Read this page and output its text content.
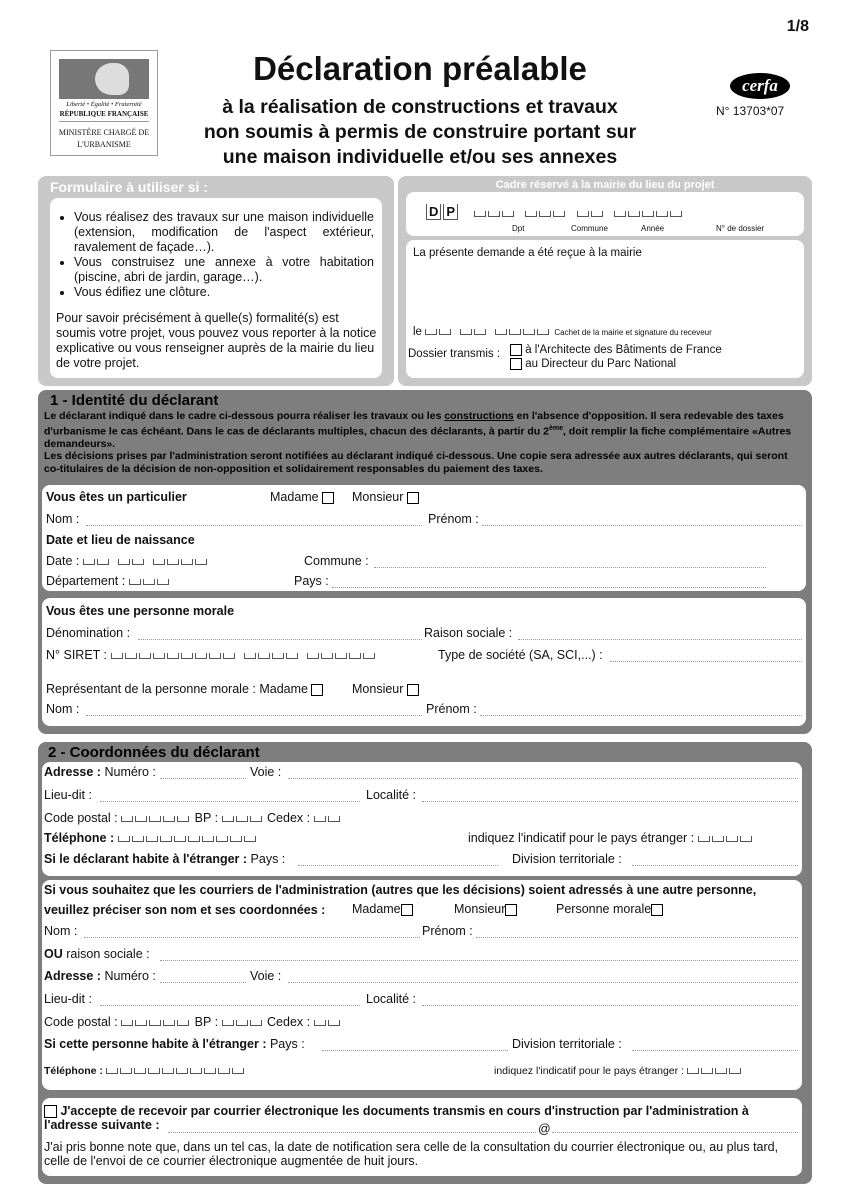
1/8
Liberté • Égalité • Fraternité
RÉPUBLIQUE FRANÇAISE
MINISTÈRE CHARGÉ DE L'URBANISME
Déclaration préalable
à la réalisation de constructions et travaux
non soumis à permis de construire portant sur
une maison individuelle et/ou ses annexes
cerfa
N° 13703*07
Formulaire à utiliser si :
• Vous réalisez des travaux sur une maison individuelle (extension, modification de l'aspect extérieur, ravalement de façade…).
• Vous construisez une annexe à votre habitation (piscine, abri de jardin, garage…).
• Vous édifiez une clôture.
Pour savoir précisément à quelle(s) formalité(s) est soumis votre projet, vous pouvez vous reporter à la notice explicative ou vous renseigner auprès de la mairie du lieu de votre projet.
Cadre réservé à la mairie du lieu du projet
D P
Dpt	Commune	Année	N° de dossier
La présente demande a été reçue à la mairie
le	Cachet de la mairie et signature du receveur
Dossier transmis :	à l'Architecte des Bâtiments de France
au Directeur du Parc National
1 - Identité du déclarant
Le déclarant indiqué dans le cadre ci-dessous pourra réaliser les travaux ou les constructions en l'absence d'opposition. Il sera redevable des taxes d'urbanisme le cas échéant. Dans le cas de déclarants multiples, chacun des déclarants, à partir du 2ème, doit remplir la fiche complémentaire «Autres demandeurs».
Les décisions prises par l'administration seront notifiées au déclarant indiqué ci-dessous. Une copie sera adressée aux autres déclarants, qui seront co-titulaires de la décision de non-opposition et solidairement responsables du paiement des taxes.
Vous êtes un particulier	Madame	Monsieur
Nom :	Prénom :
Date et lieu de naissance
Date :	Commune :
Département :	Pays :
Vous êtes une personne morale
Dénomination :	Raison sociale :
N° SIRET :	Type de société (SA, SCI,...) :
Représentant de la personne morale : Madame	Monsieur
Nom :	Prénom :
2 - Coordonnées du déclarant
Adresse : Numéro :	Voie :
Lieu-dit :	Localité :
Code postal :	BP :	Cedex :
Téléphone :	indiquez l'indicatif pour le pays étranger :
Si le déclarant habite à l'étranger : Pays :	Division territoriale :
Si vous souhaitez que les courriers de l'administration (autres que les décisions) soient adressés à une autre personne,
veuillez préciser son nom et ses coordonnées : Madame	Monsieur	Personne morale
Nom :	Prénom :
OU raison sociale :
Adresse : Numéro :	Voie :
Lieu-dit :	Localité :
Code postal :	BP :	Cedex :
Si cette personne habite à l'étranger : Pays :	Division territoriale :
Téléphone :	indiquez l'indicatif pour le pays étranger :
J'accepte de recevoir par courrier électronique les documents transmis en cours d'instruction par l'administration à l'adresse suivante :	@
J'ai pris bonne note que, dans un tel cas, la date de notification sera celle de la consultation du courrier électronique ou, au plus tard, celle de l'envoi de ce courrier électronique augmentée de huit jours.
